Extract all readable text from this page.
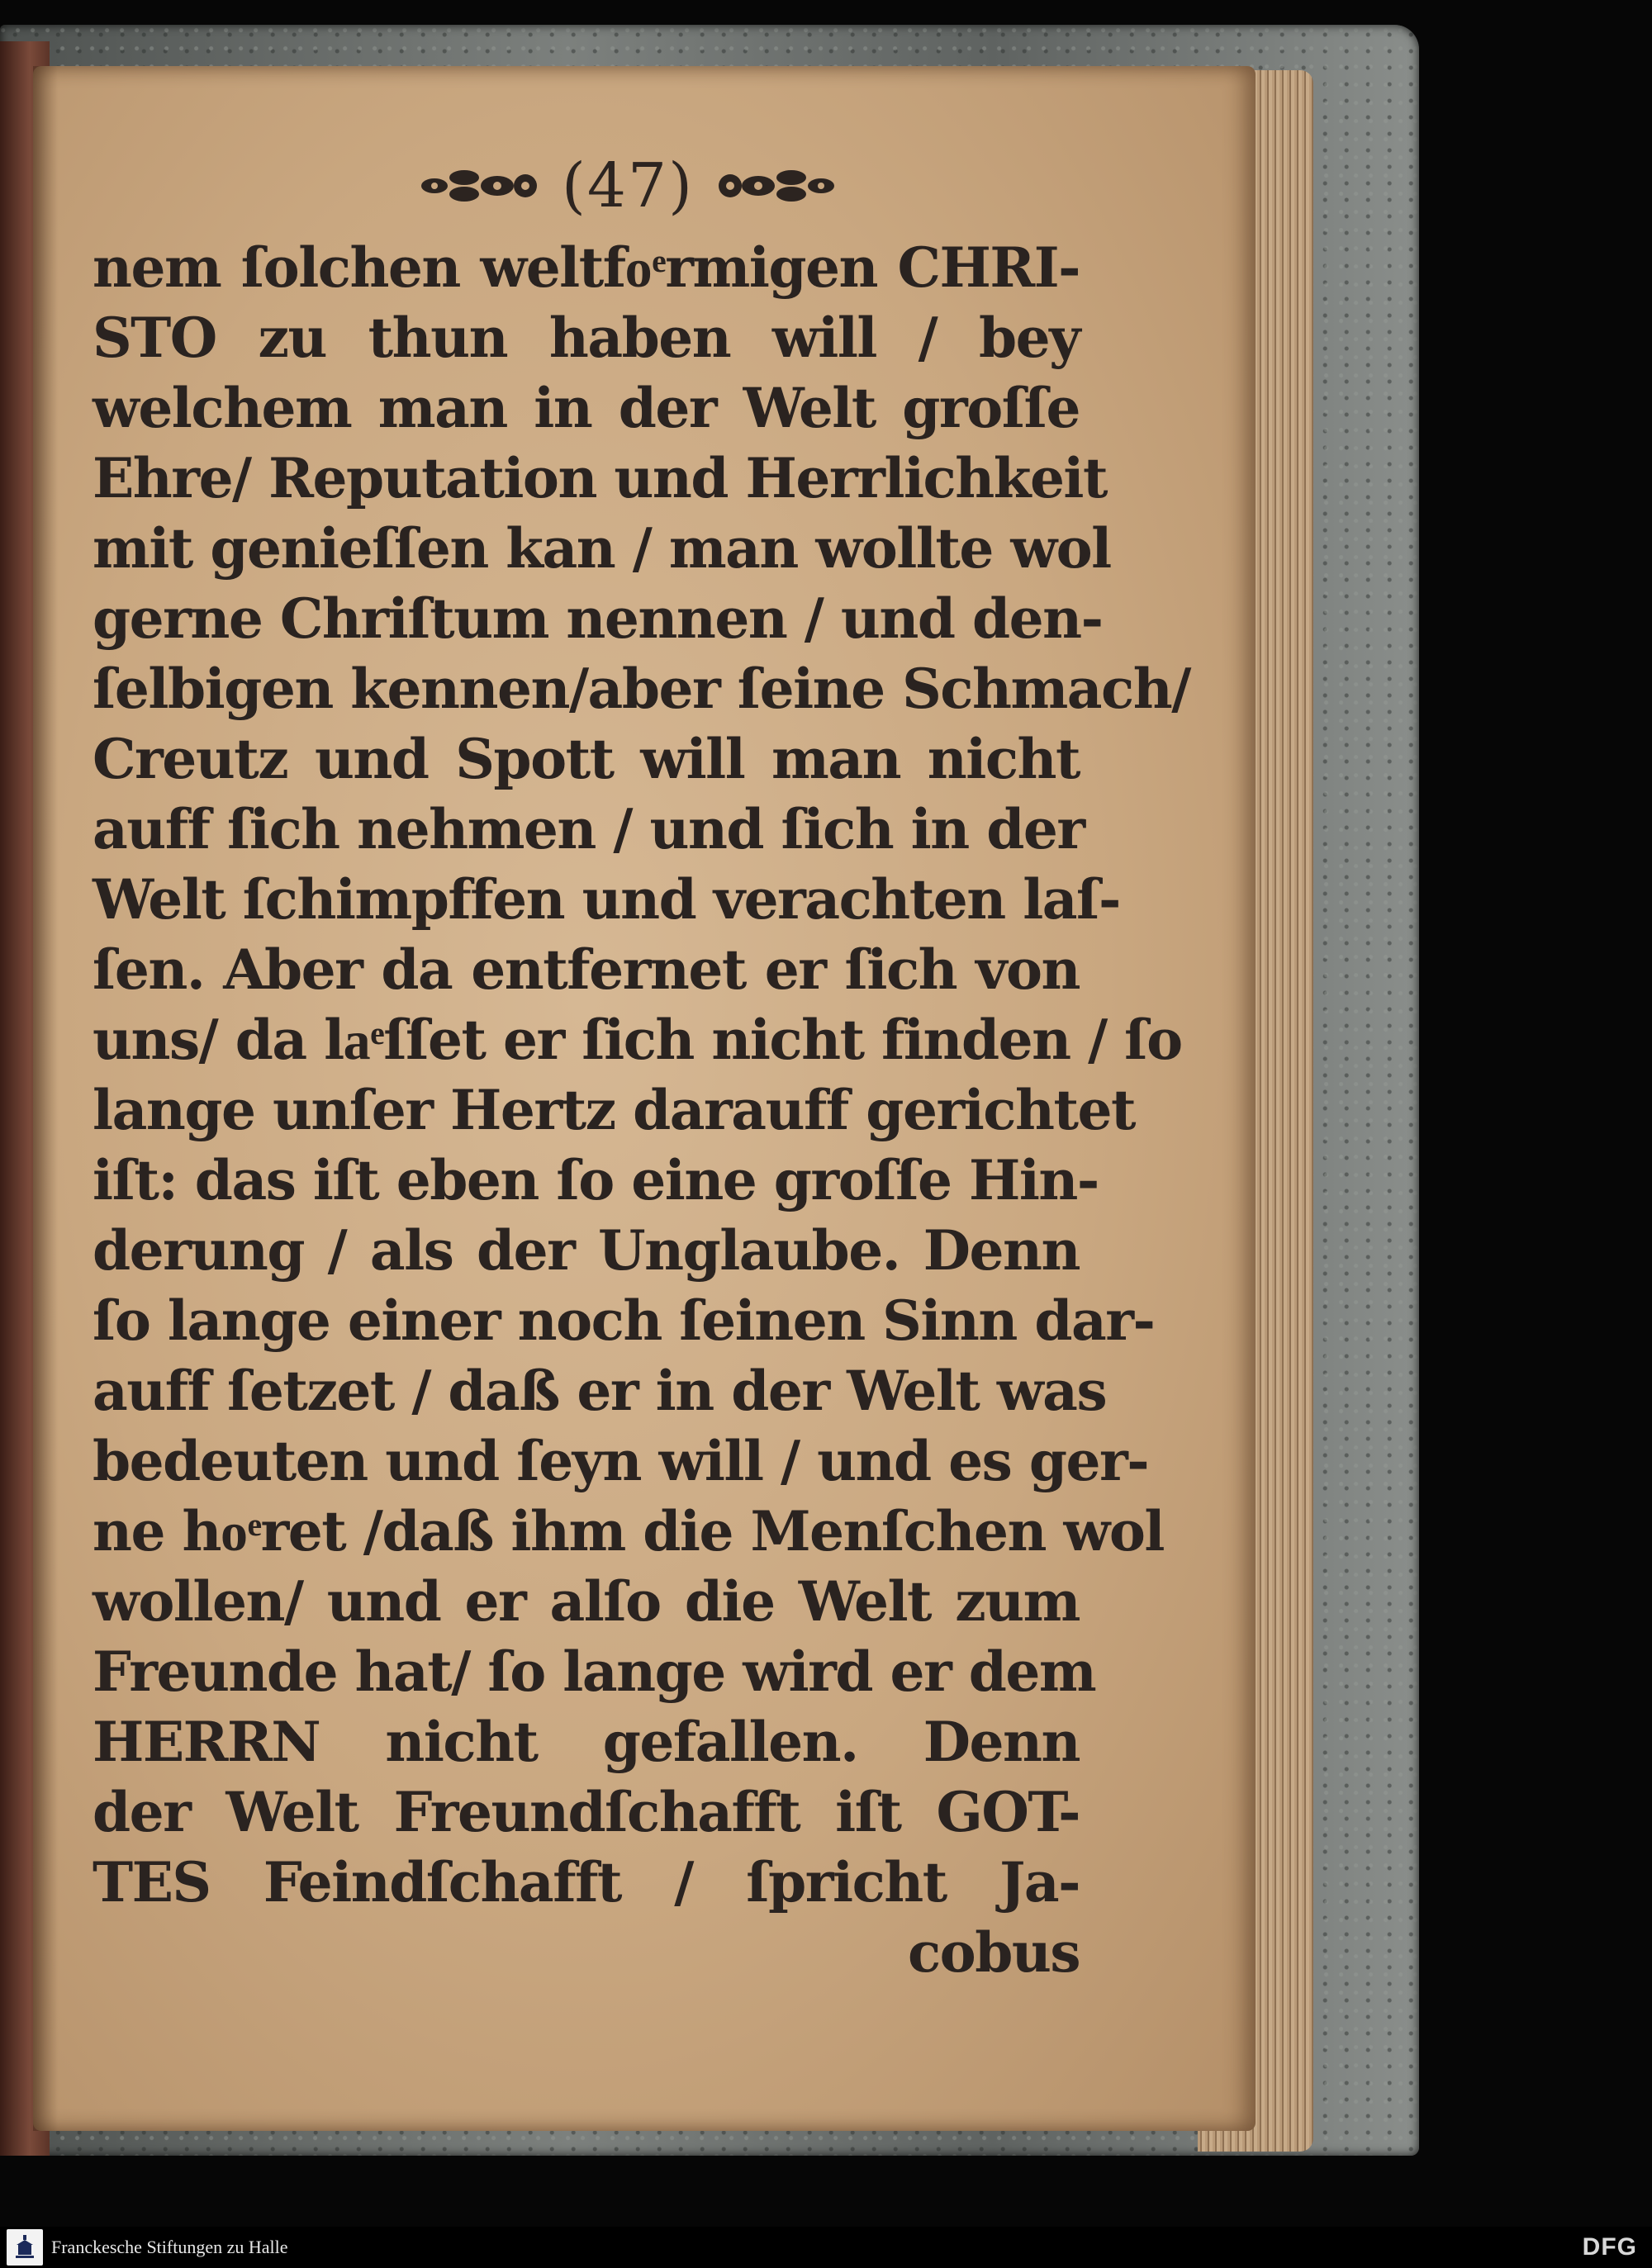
(47)
nem ſolchen weltfoͤrmigen CHRI-
STO zu thun haben will / bey
welchem man in der Welt groſſe
Ehre/ Reputation und Herrlichkeit
mit genieſſen kan / man wollte wol
gerne Chriſtum nennen / und den-
ſelbigen kennen/aber ſeine Schmach/
Creutz und Spott will man nicht
auff ſich nehmen / und ſich in der
Welt ſchimpffen und verachten laſ-
ſen. Aber da entfernet er ſich von
uns/ da laͤſſet er ſich nicht finden / ſo
lange unſer Hertz darauff gerichtet
iſt: das iſt eben ſo eine groſſe Hin-
derung / als der Unglaube. Denn
ſo lange einer noch ſeinen Sinn dar-
auff ſetzet / daß er in der Welt was
bedeuten und ſeyn will / und es ger-
ne hoͤret /daß ihm die Menſchen wol
wollen/ und er alſo die Welt zum
Freunde hat/ ſo lange wird er dem
HERRN nicht gefallen. Denn
der Welt Freundſchafft iſt GOT-
TES Feindſchafft / ſpricht Ja-
cobus
Franckesche Stiftungen zu Halle	DFG
